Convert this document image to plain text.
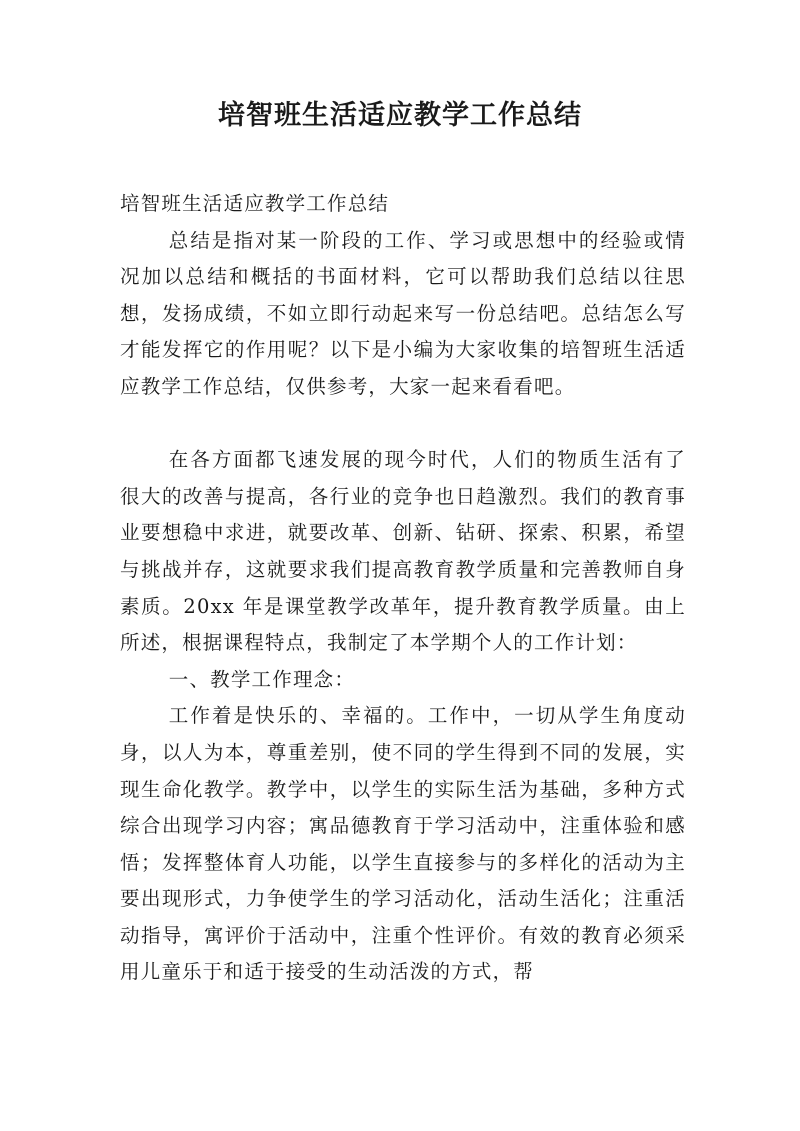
培智班生活适应教学工作总结

培智班生活适应教学工作总结

总结是指对某一阶段的工作、学习或思想中的经验或情况加以总结和概括的书面材料，它可以帮助我们总结以往思想，发扬成绩，不如立即行动起来写一份总结吧。总结怎么写才能发挥它的作用呢？以下是小编为大家收集的培智班生活适应教学工作总结，仅供参考，大家一起来看看吧。

在各方面都飞速发展的现今时代，人们的物质生活有了很大的改善与提高，各行业的竞争也日趋激烈。我们的教育事业要想稳中求进，就要改革、创新、钻研、探索、积累，希望与挑战并存，这就要求我们提高教育教学质量和完善教师自身素质。20xx 年是课堂教学改革年，提升教育教学质量。由上所述，根据课程特点，我制定了本学期个人的工作计划：

一、教学工作理念：

工作着是快乐的、幸福的。工作中，一切从学生角度动身，以人为本，尊重差别，使不同的学生得到不同的发展，实现生命化教学。教学中，以学生的实际生活为基础，多种方式综合出现学习内容；寓品德教育于学习活动中，注重体验和感悟；发挥整体育人功能，以学生直接参与的多样化的活动为主要出现形式，力争使学生的学习活动化，活动生活化；注重活动指导，寓评价于活动中，注重个性评价。有效的教育必须采用儿童乐于和适于接受的生动活泼的方式，帮
